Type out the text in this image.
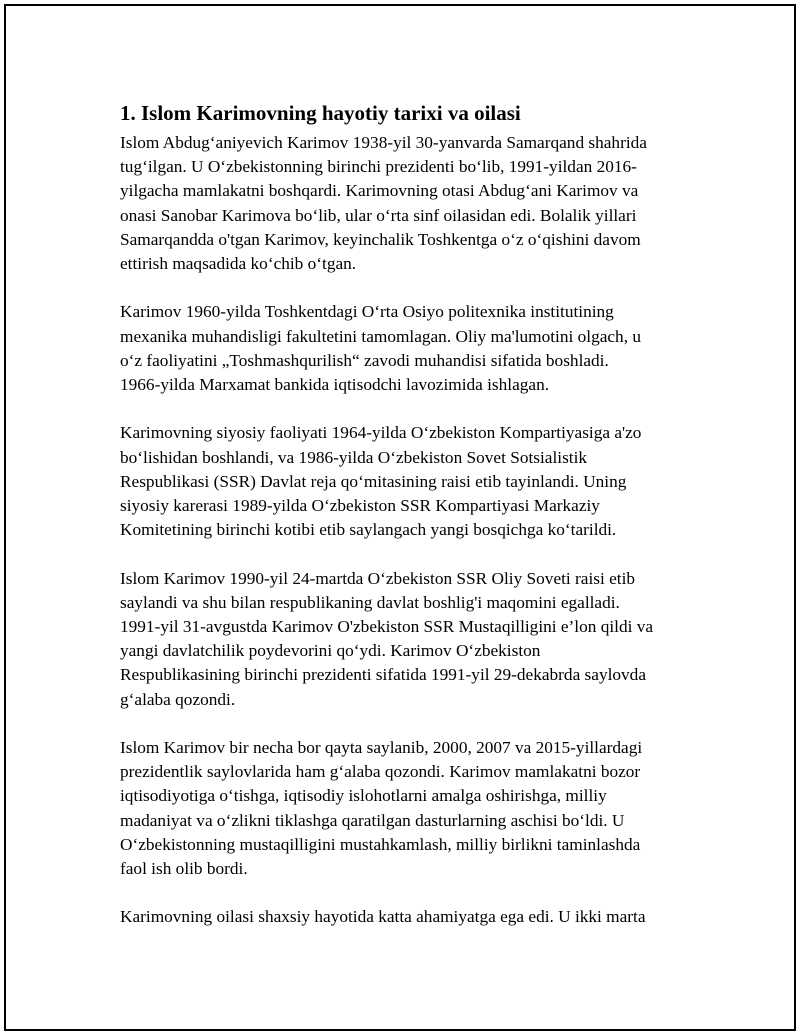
1. Islom Karimovning hayotiy tarixi va oilasi

Islom Abdugʻaniyevich Karimov 1938-yil 30-yanvarda Samarqand shahrida
tugʻilgan. U Oʻzbekistonning birinchi prezidenti boʻlib, 1991-yildan 2016-
yilgacha mamlakatni boshqardi. Karimovning otasi Abdugʻani Karimov va
onasi Sanobar Karimova boʻlib, ular oʻrta sinf oilasidan edi. Bolalik yillari
Samarqandda o'tgan Karimov, keyinchalik Toshkentga oʻz oʻqishini davom
ettirish maqsadida koʻchib oʻtgan.

Karimov 1960-yilda Toshkentdagi Oʻrta Osiyo politexnika institutining
mexanika muhandisligi fakultetini tamomlagan. Oliy ma'lumotini olgach, u
oʻz faoliyatini „Toshmashqurilish“ zavodi muhandisi sifatida boshladi.
1966-yilda Marxamat bankida iqtisodchi lavozimida ishlagan.

Karimovning siyosiy faoliyati 1964-yilda Oʻzbekiston Kompartiyasiga a'zo
boʻlishidan boshlandi, va 1986-yilda Oʻzbekiston Sovet Sotsialistik
Respublikasi (SSR) Davlat reja qoʻmitasining raisi etib tayinlandi. Uning
siyosiy karerasi 1989-yilda Oʻzbekiston SSR Kompartiyasi Markaziy
Komitetining birinchi kotibi etib saylangach yangi bosqichga koʻtarildi.

Islom Karimov 1990-yil 24-martda Oʻzbekiston SSR Oliy Soveti raisi etib
saylandi va shu bilan respublikaning davlat boshlig'i maqomini egalladi.
1991-yil 31-avgustda Karimov O'zbekiston SSR Mustaqilligini e’lon qildi va
yangi davlatchilik poydevorini qoʻydi. Karimov Oʻzbekiston
Respublikasining birinchi prezidenti sifatida 1991-yil 29-dekabrda saylovda
gʻalaba qozondi.

Islom Karimov bir necha bor qayta saylanib, 2000, 2007 va 2015-yillardagi
prezidentlik saylovlarida ham gʻalaba qozondi. Karimov mamlakatni bozor
iqtisodiyotiga oʻtishga, iqtisodiy islohotlarni amalga oshirishga, milliy
madaniyat va oʻzlikni tiklashga qaratilgan dasturlarning aschisi boʻldi. U
Oʻzbekistonning mustaqilligini mustahkamlash, milliy birlikni taminlashda
faol ish olib bordi.

Karimovning oilasi shaxsiy hayotida katta ahamiyatga ega edi. U ikki marta
